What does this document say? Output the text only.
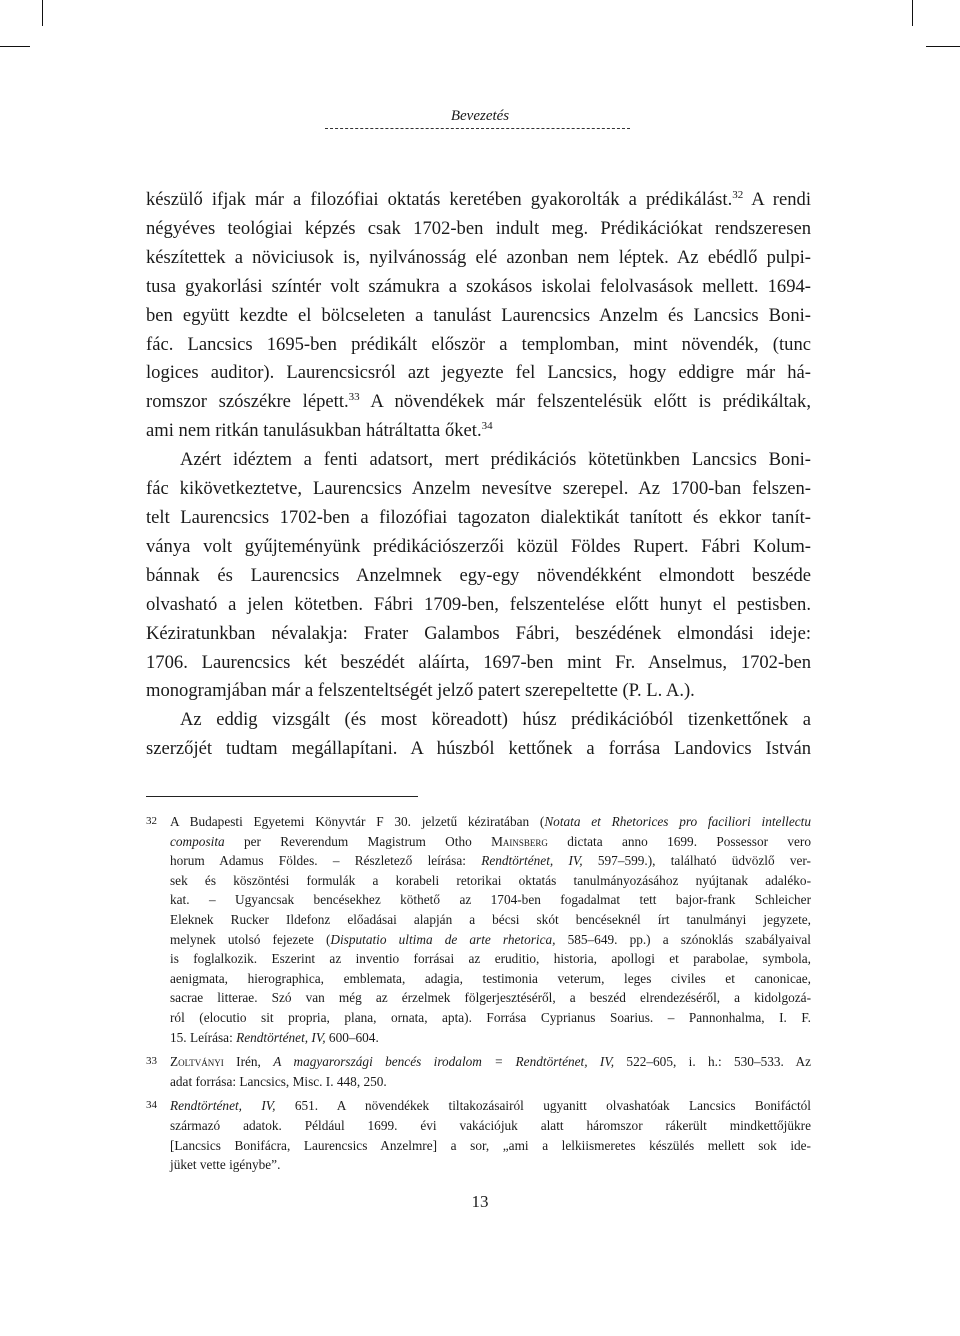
Bevezetés

készülő ifjak már a filozófiai oktatás keretében gyakorolták a prédikálást.$^{32}$ A rendi
négyéves teológiai képzés csak 1702-ben indult meg. Prédikációkat rendszeresen
készítettek a növiciusok is, nyilvánosság elé azonban nem léptek. Az ebédlő pulpi-
tusa gyakorlási színtér volt számukra a szokásos iskolai felolvasások mellett. 1694-
ben együtt kezdte el bölcseleten a tanulást Laurencsics Anzelm és Lancsics Boni-
fác. Lancsics 1695-ben prédikált először a templomban, mint növendék, (tunc
logices auditor). Laurencsicsról azt jegyezte fel Lancsics, hogy eddigre már há-
romszor szószékre lépett.$^{33}$ A növendékek már felszentelésük előtt is prédikáltak,
ami nem ritkán tanulásukban hátráltatta őket.$^{34}$

Azért idéztem a fenti adatsort, mert prédikációs kötetünkben Lancsics Boni-
fác kikövetkeztetve, Laurencsics Anzelm nevesítve szerepel. Az 1700-ban felszen-
telt Laurencsics 1702-ben a filozófiai tagozaton dialektikát tanított és ekkor tanít-
ványa volt gyűjteményünk prédikációszerzői közül Földes Rupert. Fábri Kolum-
bánnak és Laurencsics Anzelmnek egy-egy növendékként elmondott beszéde
olvasható a jelen kötetben. Fábri 1709-ben, felszentelése előtt hunyt el pestisben.
Kéziratunkban névalakja: Frater Galambos Fábri, beszédének elmondási ideje:
1706. Laurencsics két beszédét aláírta, 1697-ben mint Fr. Anselmus, 1702-ben
monogramjában már a felszenteltségét jelző patert szerepeltette (P. L. A.).

Az eddig vizsgált (és most köreadott) húsz prédikációból tizenkettőnek a
szerzőjét tudtam megállapítani. A húszból kettőnek a forrása Landovics István

32 A Budapesti Egyetemi Könyvtár F 30. jelzetű kéziratában (Notata et Rhetorices pro faciliori intellectu
composita per Reverendum Magistrum Otho Mainsberg dictata anno 1699. Possessor vero
horum Adamus Földes. – Részletező leírása: Rendtörténet, IV, 597–599.), található üdvözlő ver-
sek és köszöntési formulák a korabeli retorikai oktatás tanulmányozásához nyújtanak adalékо-
kat. – Ugyancsak bencésekhez köthető az 1704-ben fogadalmat tett bajor-frank Schleicher
Eleknek Rucker Ildefonz előadásai alapján a bécsi skót bencéseknél írt tanulmányi jegyzete,
melynek utolsó fejezete (Disputatio ultima de arte rhetorica, 585–649. pp.) a szónoklás szabályaival
is foglalkozik. Eszerint az inventio forrásai az eruditio, historia, apollogi et parabolae, symbola,
aenigmata, hierographica, emblemata, adagia, testimonia veterum, leges civiles et canonicae,
sacrae litterae. Szó van még az érzelmek fölgerjesztéséről, a beszéd elrendezéséről, a kidolgozá-
ról (elocutio sit propria, plana, ornata, apta). Forrása Cyprianus Soarius. – Pannonhalma, I. F.
15. Leírása: Rendtörténet, IV, 600–604.
33 Zoltványi Irén, A magyarországi bencés irodalom = Rendtörténet, IV, 522–605, i. h.: 530–533. Az
adat forrása: Lancsics, Misc. I. 448, 250.
34 Rendtörténet, IV, 651. A növendékek tiltakozásairól ugyanitt olvashatóak Lancsics Bonifáctól
származó adatok. Például 1699. évi vakációjuk alatt háromszor rákerült mindkettőjükre
[Lancsics Bonifácra, Laurencsics Anzelmre] a sor, „ami a lelkiismeretes készülés mellett sok ide-
jüket vette igénybe”.
13
